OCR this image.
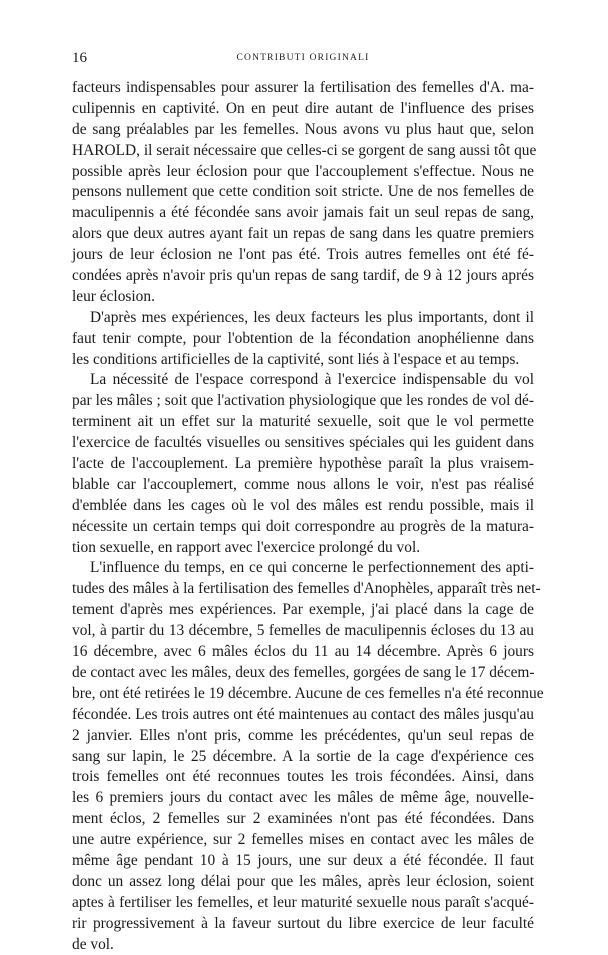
16	CONTRIBUTI ORIGINALI
facteurs indispensables pour assurer la fertilisation des femelles d'A. ma-
culipennis en captivité. On en peut dire autant de l'influence des prises
de sang préalables par les femelles. Nous avons vu plus haut que, selon
HAROLD, il serait nécessaire que celles-ci se gorgent de sang aussi tôt que
possible après leur éclosion pour que l'accouplement s'effectue. Nous ne
pensons nullement que cette condition soit stricte. Une de nos femelles de
maculipennis a été fécondée sans avoir jamais fait un seul repas de sang,
alors que deux autres ayant fait un repas de sang dans les quatre premiers
jours de leur éclosion ne l'ont pas été. Trois autres femelles ont été fé-
condées après n'avoir pris qu'un repas de sang tardif, de 9 à 12 jours aprés
leur éclosion.
D'après mes expériences, les deux facteurs les plus importants, dont il
faut tenir compte, pour l'obtention de la fécondation anophélienne dans
les conditions artificielles de la captivité, sont liés à l'espace et au temps.
La nécessité de l'espace correspond à l'exercice indispensable du vol
par les mâles ; soit que l'activation physiologique que les rondes de vol dé-
terminent ait un effet sur la maturité sexuelle, soit que le vol permette
l'exercice de facultés visuelles ou sensitives spéciales qui les guident dans
l'acte de l'accouplement. La première hypothèse paraît la plus vraisem-
blable car l'accouplemert, comme nous allons le voir, n'est pas réalisé
d'emblée dans les cages où le vol des mâles est rendu possible, mais il
nécessite un certain temps qui doit correspondre au progrès de la matura-
tion sexuelle, en rapport avec l'exercice prolongé du vol.
L'influence du temps, en ce qui concerne le perfectionnement des apti-
tudes des mâles à la fertilisation des femelles d'Anophèles, apparaît très net-
tement d'après mes expériences. Par exemple, j'ai placé dans la cage de
vol, à partir du 13 décembre, 5 femelles de maculipennis écloses du 13 au
16 décembre, avec 6 mâles éclos du 11 au 14 décembre. Après 6 jours
de contact avec les mâles, deux des femelles, gorgées de sang le 17 décem-
bre, ont été retirées le 19 décembre. Aucune de ces femelles n'a été reconnue
fécondée. Les trois autres ont été maintenues au contact des mâles jusqu'au
2 janvier. Elles n'ont pris, comme les précédentes, qu'un seul repas de
sang sur lapin, le 25 décembre. A la sortie de la cage d'expérience ces
trois femelles ont été reconnues toutes les trois fécondées. Ainsi, dans
les 6 premiers jours du contact avec les mâles de même âge, nouvelle-
ment éclos, 2 femelles sur 2 examinées n'ont pas été fécondées. Dans
une autre expérience, sur 2 femelles mises en contact avec les mâles de
même âge pendant 10 à 15 jours, une sur deux a été fécondée. Il faut
donc un assez long délai pour que les mâles, après leur éclosion, soient
aptes à fertiliser les femelles, et leur maturité sexuelle nous paraît s'acqué-
rir progressivement à la faveur surtout du libre exercice de leur faculté
de vol.
